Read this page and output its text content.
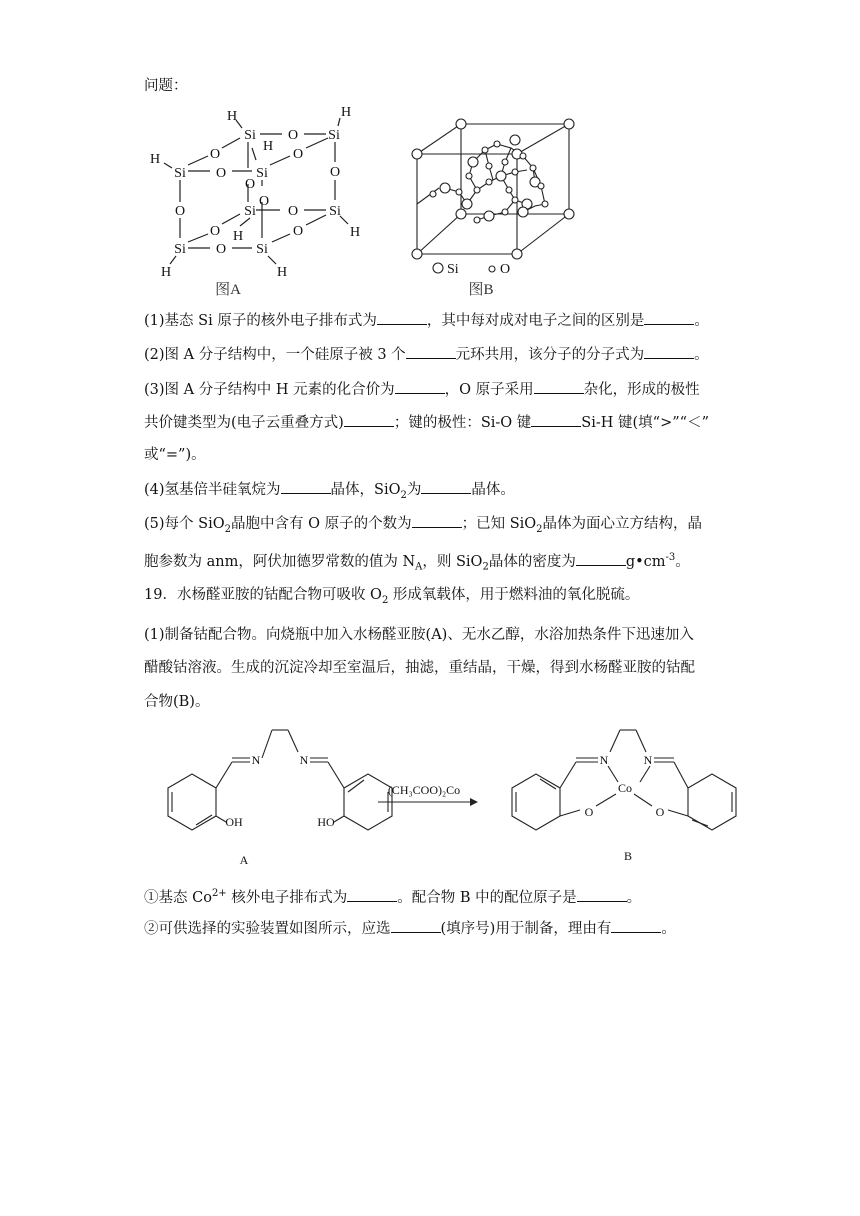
问题：
Si O Si
H	H
H
O	O
H
Si O Si	O
O
O
Si O Si
O
O H	O	H
Si O Si
H	H
图A
Si	O
图B
(1)基态 Si 原子的核外电子排布式为	，其中每对成对电子之间的区别是	。
(2)图 A 分子结构中，一个硅原子被 3 个	元环共用，该分子的分子式为	。
(3)图 A 分子结构中 H 元素的化合价为	，O 原子采用	杂化，形成的极性
共价键类型为(电子云重叠方式)	；键的极性：Si-O 键	Si-H 键(填“>”“＜”
或“=”)。
(4)氢基倍半硅氧烷为	晶体，SiO$_2$为	晶体。
(5)每个 SiO$_2$晶胞中含有 O 原子的个数为	；已知 SiO$_2$晶体为面心立方结构，晶
胞参数为 anm，阿伏加德罗常数的值为 $N_A$，则 SiO$_2$晶体的密度为	$g•cm^{-3}$。
19．水杨醛亚胺的钴配合物可吸收 $O_2$ 形成氧载体，用于燃料油的氧化脱硫。
(1)制备钴配合物。向烧瓶中加入水杨醛亚胺(A)、无水乙醇，水浴加热条件下迅速加入
醋酸钴溶液。生成的沉淀冷却至室温后，抽滤，重结晶，干燥，得到水杨醛亚胺的钴配
合物(B)。
N	N
OH	HO
(CH₃COO)₂Co
N	N
Co
O	O
A	B
①基态 $Co^{2+}$ 核外电子排布式为	。配合物 B 中的配位原子是	。
②可供选择的实验装置如图所示，应选	(填序号)用于制备，理由有	。
